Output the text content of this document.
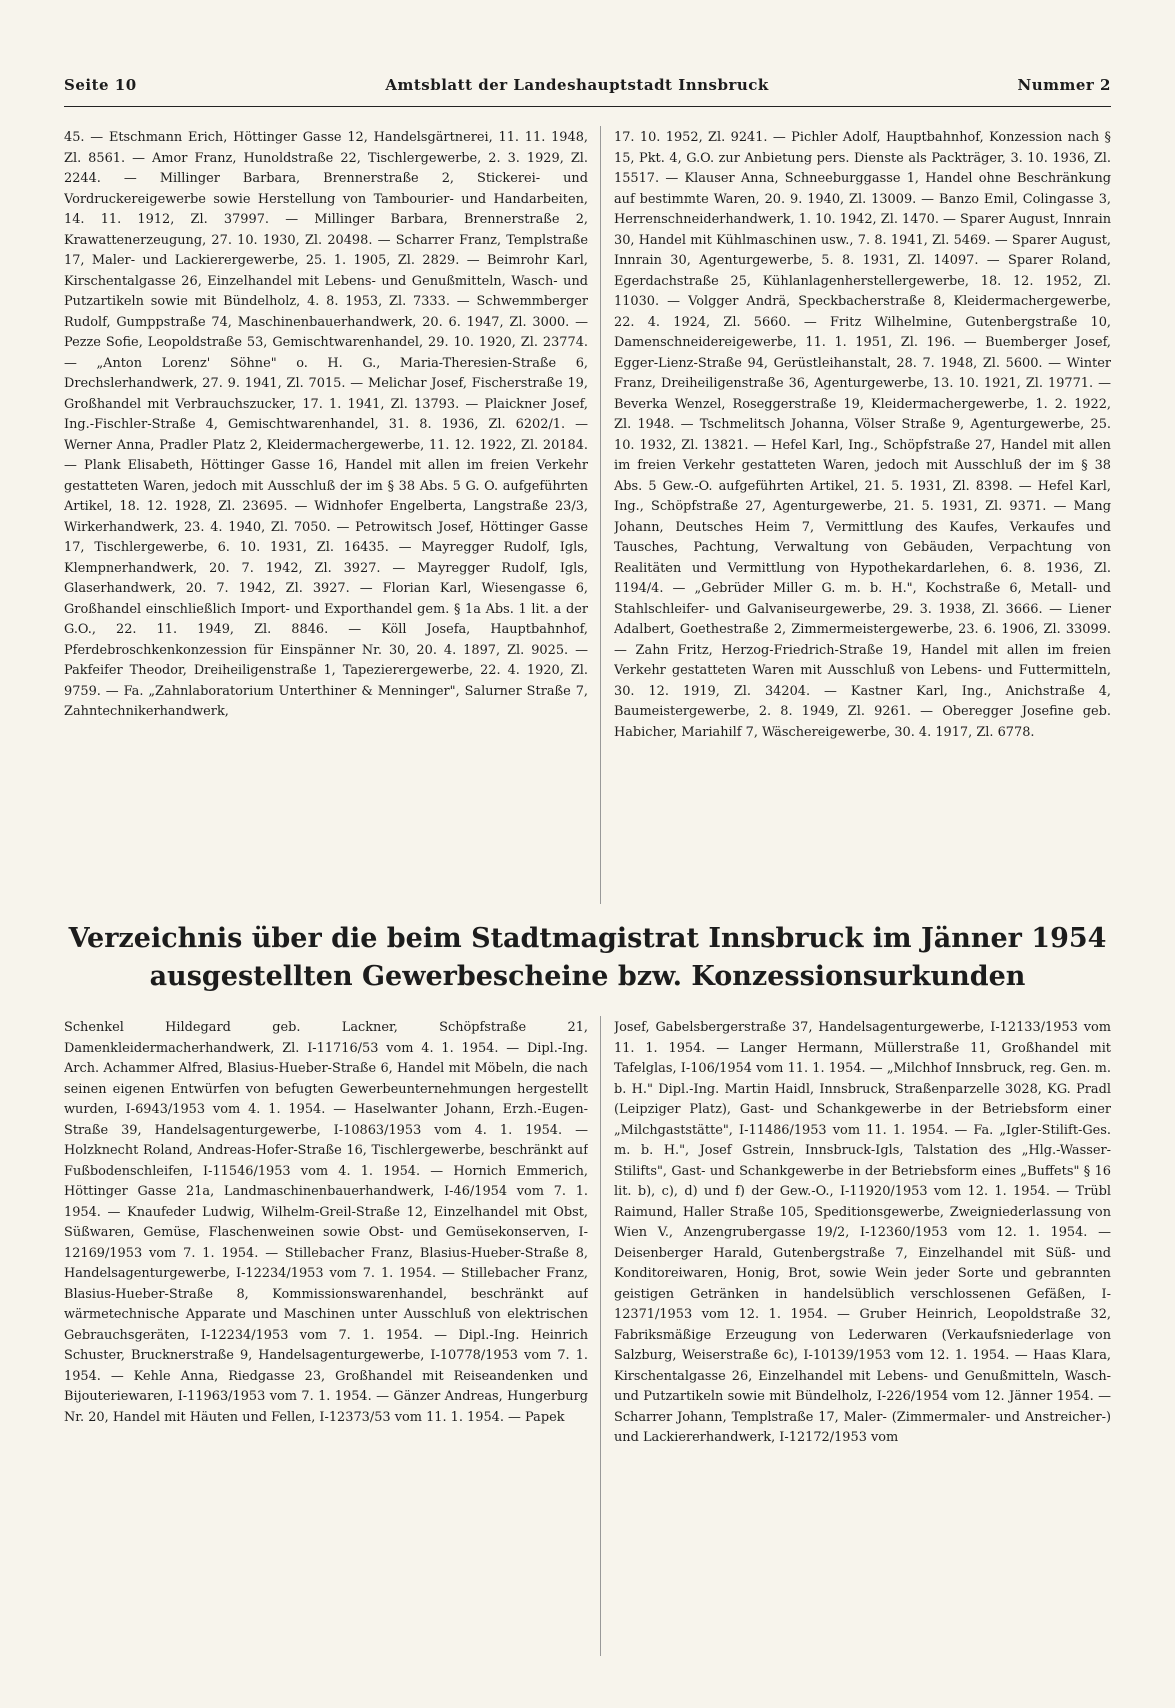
Seite 10	Amtsblatt der Landeshauptstadt Innsbruck	Nummer 2
45. — Etschmann Erich, Höttinger Gasse 12, Handelsgärtnerei, 11. 11. 1948, Zl. 8561. — Amor Franz, Hunoldstraße 22, Tischlergewerbe, 2. 3. 1929, Zl. 2244. — Millinger Barbara, Brennerstraße 2, Stickerei- und Vordruckereigewerbe sowie Herstellung von Tambourier- und Handarbeiten, 14. 11. 1912, Zl. 37997. — Millinger Barbara, Brennerstraße 2, Krawattenerzeugung, 27. 10. 1930, Zl. 20498. — Scharrer Franz, Templstraße 17, Maler- und Lackierergewerbe, 25. 1. 1905, Zl. 2829. — Beimrohr Karl, Kirschentalgasse 26, Einzelhandel mit Lebens- und Genußmitteln, Wasch- und Putzartikeln sowie mit Bündelholz, 4. 8. 1953, Zl. 7333. — Schwemmberger Rudolf, Gumppstraße 74, Maschinenbauerhandwerk, 20. 6. 1947, Zl. 3000. — Pezze Sofie, Leopoldstraße 53, Gemischtwarenhandel, 29. 10. 1920, Zl. 23774. — „Anton Lorenz' Söhne" o. H. G., Maria-Theresien-Straße 6, Drechslerhandwerk, 27. 9. 1941, Zl. 7015. — Melichar Josef, Fischerstraße 19, Großhandel mit Verbrauchszucker, 17. 1. 1941, Zl. 13793. — Plaickner Josef, Ing.-Fischler-Straße 4, Gemischtwarenhandel, 31. 8. 1936, Zl. 6202/1. — Werner Anna, Pradler Platz 2, Kleidermachergewerbe, 11. 12. 1922, Zl. 20184. — Plank Elisabeth, Höttinger Gasse 16, Handel mit allen im freien Verkehr gestatteten Waren, jedoch mit Ausschluß der im § 38 Abs. 5 G. O. aufgeführten Artikel, 18. 12. 1928, Zl. 23695. — Widnhofer Engelberta, Langstraße 23/3, Wirkerhandwerk, 23. 4. 1940, Zl. 7050. — Petrowitsch Josef, Höttinger Gasse 17, Tischlergewerbe, 6. 10. 1931, Zl. 16435. — Mayregger Rudolf, Igls, Klempnerhandwerk, 20. 7. 1942, Zl. 3927. — Mayregger Rudolf, Igls, Glaserhandwerk, 20. 7. 1942, Zl. 3927. — Florian Karl, Wiesengasse 6, Großhandel einschließlich Import- und Exporthandel gem. § 1a Abs. 1 lit. a der G.O., 22. 11. 1949, Zl. 8846. — Köll Josefa, Hauptbahnhof, Pferdebroschkenkonzession für Einspänner Nr. 30, 20. 4. 1897, Zl. 9025. — Pakfeifer Theodor, Dreiheiligenstraße 1, Tapezierergewerbe, 22. 4. 1920, Zl. 9759. — Fa. „Zahnlaboratorium Unterthiner & Menninger", Salurner Straße 7, Zahntechnikerhandwerk,
17. 10. 1952, Zl. 9241. — Pichler Adolf, Hauptbahnhof, Konzession nach § 15, Pkt. 4, G.O. zur Anbietung pers. Dienste als Packträger, 3. 10. 1936, Zl. 15517. — Klauser Anna, Schneeburggasse 1, Handel ohne Beschränkung auf bestimmte Waren, 20. 9. 1940, Zl. 13009. — Banzo Emil, Colingasse 3, Herrenschneiderhandwerk, 1. 10. 1942, Zl. 1470. — Sparer August, Innrain 30, Handel mit Kühlmaschinen usw., 7. 8. 1941, Zl. 5469. — Sparer August, Innrain 30, Agenturgewerbe, 5. 8. 1931, Zl. 14097. — Sparer Roland, Egerdachstraße 25, Kühlanlagenherstellergewerbe, 18. 12. 1952, Zl. 11030. — Volgger Andrä, Speckbacherstraße 8, Kleidermachergewerbe, 22. 4. 1924, Zl. 5660. — Fritz Wilhelmine, Gutenbergstraße 10, Damenschneidereigewerbe, 11. 1. 1951, Zl. 196. — Buemberger Josef, Egger-Lienz-Straße 94, Gerüstleihanstalt, 28. 7. 1948, Zl. 5600. — Winter Franz, Dreiheiligenstraße 36, Agenturgewerbe, 13. 10. 1921, Zl. 19771. — Beverka Wenzel, Roseggerstraße 19, Kleidermachergewerbe, 1. 2. 1922, Zl. 1948. — Tschmelitsch Johanna, Völser Straße 9, Agenturgewerbe, 25. 10. 1932, Zl. 13821. — Hefel Karl, Ing., Schöpfstraße 27, Handel mit allen im freien Verkehr gestatteten Waren, jedoch mit Ausschluß der im § 38 Abs. 5 Gew.-O. aufgeführten Artikel, 21. 5. 1931, Zl. 8398. — Hefel Karl, Ing., Schöpfstraße 27, Agenturgewerbe, 21. 5. 1931, Zl. 9371. — Mang Johann, Deutsches Heim 7, Vermittlung des Kaufes, Verkaufes und Tausches, Pachtung, Verwaltung von Gebäuden, Verpachtung von Realitäten und Vermittlung von Hypothekardarlehen, 6. 8. 1936, Zl. 1194/4. — „Gebrüder Miller G. m. b. H.", Kochstraße 6, Metall- und Stahlschleifer- und Galvaniseurgewerbe, 29. 3. 1938, Zl. 3666. — Liener Adalbert, Goethestraße 2, Zimmermeistergewerbe, 23. 6. 1906, Zl. 33099. — Zahn Fritz, Herzog-Friedrich-Straße 19, Handel mit allen im freien Verkehr gestatteten Waren mit Ausschluß von Lebens- und Futtermitteln, 30. 12. 1919, Zl. 34204. — Kastner Karl, Ing., Anichstraße 4, Baumeistergewerbe, 2. 8. 1949, Zl. 9261. — Oberegger Josefine geb. Habicher, Mariahilf 7, Wäschereigewerbe, 30. 4. 1917, Zl. 6778.
Verzeichnis über die beim Stadtmagistrat Innsbruck im Jänner 1954
ausgestellten Gewerbescheine bzw. Konzessionsurkunden
Schenkel Hildegard geb. Lackner, Schöpfstraße 21, Damenkleidermacherhandwerk, Zl. I-11716/53 vom 4. 1. 1954. — Dipl.-Ing. Arch. Achammer Alfred, Blasius-Hueber-Straße 6, Handel mit Möbeln, die nach seinen eigenen Entwürfen von befugten Gewerbeunternehmungen hergestellt wurden, I-6943/1953 vom 4. 1. 1954. — Haselwanter Johann, Erzh.-Eugen-Straße 39, Handelsagenturgewerbe, I-10863/1953 vom 4. 1. 1954. — Holzknecht Roland, Andreas-Hofer-Straße 16, Tischlergewerbe, beschränkt auf Fußbodenschleifen, I-11546/1953 vom 4. 1. 1954. — Hornich Emmerich, Höttinger Gasse 21a, Landmaschinenbauerhandwerk, I-46/1954 vom 7. 1. 1954. — Knaufeder Ludwig, Wilhelm-Greil-Straße 12, Einzelhandel mit Obst, Süßwaren, Gemüse, Flaschenweinen sowie Obst- und Gemüsekonserven, I-12169/1953 vom 7. 1. 1954. — Stillebacher Franz, Blasius-Hueber-Straße 8, Handelsagenturgewerbe, I-12234/1953 vom 7. 1. 1954. — Stillebacher Franz, Blasius-Hueber-Straße 8, Kommissionswarenhandel, beschränkt auf wärmetechnische Apparate und Maschinen unter Ausschluß von elektrischen Gebrauchsgeräten, I-12234/1953 vom 7. 1. 1954. — Dipl.-Ing. Heinrich Schuster, Brucknerstraße 9, Handelsagenturgewerbe, I-10778/1953 vom 7. 1. 1954. — Kehle Anna, Riedgasse 23, Großhandel mit Reiseandenken und Bijouteriewaren, I-11963/1953 vom 7. 1. 1954. — Gänzer Andreas, Hungerburg Nr. 20, Handel mit Häuten und Fellen, I-12373/53 vom 11. 1. 1954. — Papek
Josef, Gabelsbergerstraße 37, Handelsagenturgewerbe, I-12133/1953 vom 11. 1. 1954. — Langer Hermann, Müllerstraße 11, Großhandel mit Tafelglas, I-106/1954 vom 11. 1. 1954. — „Milchhof Innsbruck, reg. Gen. m. b. H." Dipl.-Ing. Martin Haidl, Innsbruck, Straßenparzelle 3028, KG. Pradl (Leipziger Platz), Gast- und Schankgewerbe in der Betriebsform einer „Milchgaststätte", I-11486/1953 vom 11. 1. 1954. — Fa. „Igler-Stilift-Ges. m. b. H.", Josef Gstrein, Innsbruck-Igls, Talstation des „Hlg.-Wasser-Stilifts", Gast- und Schankgewerbe in der Betriebsform eines „Buffets" § 16 lit. b), c), d) und f) der Gew.-O., I-11920/1953 vom 12. 1. 1954. — Trübl Raimund, Haller Straße 105, Speditionsgewerbe, Zweigniederlassung von Wien V., Anzengrubergasse 19/2, I-12360/1953 vom 12. 1. 1954. — Deisenberger Harald, Gutenbergstraße 7, Einzelhandel mit Süß- und Konditoreiwaren, Honig, Brot, sowie Wein jeder Sorte und gebrannten geistigen Getränken in handelsüblich verschlossenen Gefäßen, I-12371/1953 vom 12. 1. 1954. — Gruber Heinrich, Leopoldstraße 32, Fabriksmäßige Erzeugung von Lederwaren (Verkaufsniederlage von Salzburg, Weiserstraße 6c), I-10139/1953 vom 12. 1. 1954. — Haas Klara, Kirschentalgasse 26, Einzelhandel mit Lebens- und Genußmitteln, Wasch- und Putzartikeln sowie mit Bündelholz, I-226/1954 vom 12. Jänner 1954. — Scharrer Johann, Templstraße 17, Maler- (Zimmermaler- und Anstreicher-) und Lackiererhandwerk, I-12172/1953 vom
